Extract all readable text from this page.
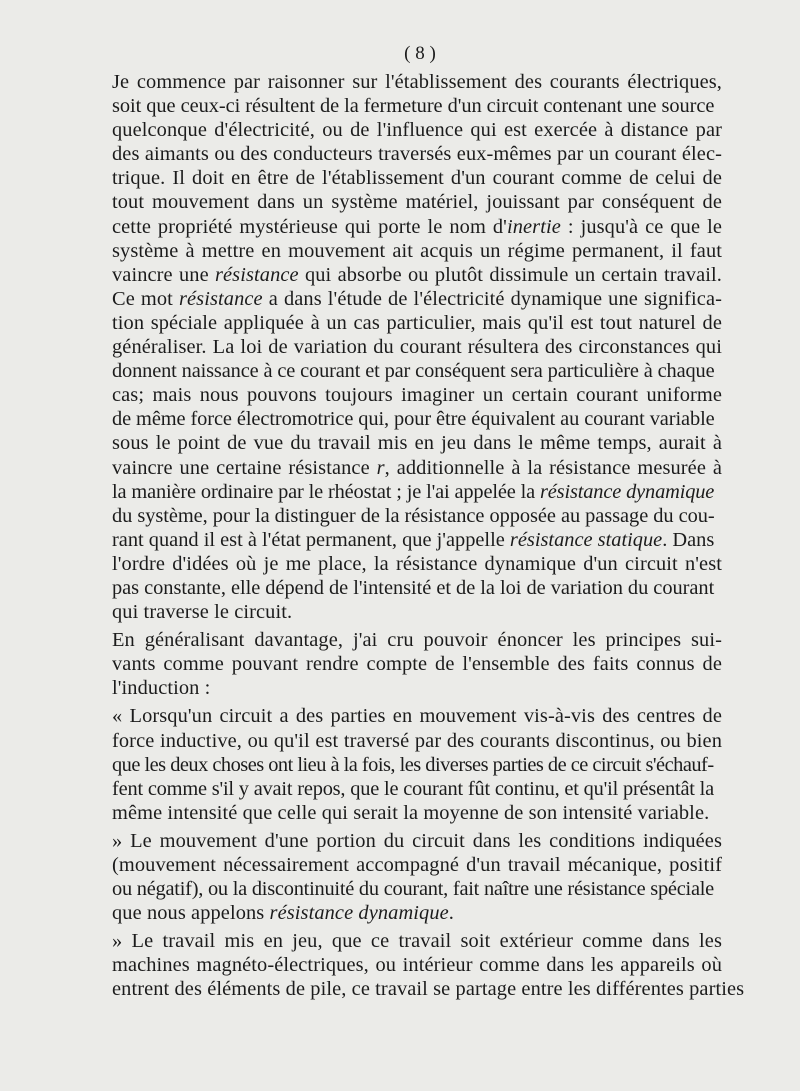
( 8 )
Je commence par raisonner sur l'établissement des courants électriques,
soit que ceux-ci résultent de la fermeture d'un circuit contenant une source
quelconque d'électricité, ou de l'influence qui est exercée à distance par
des aimants ou des conducteurs traversés eux-mêmes par un courant élec-
trique. Il doit en être de l'établissement d'un courant comme de celui de
tout mouvement dans un système matériel, jouissant par conséquent de
cette propriété mystérieuse qui porte le nom d'inertie : jusqu'à ce que le
système à mettre en mouvement ait acquis un régime permanent, il faut
vaincre une résistance qui absorbe ou plutôt dissimule un certain travail.
Ce mot résistance a dans l'étude de l'électricité dynamique une significa-
tion spéciale appliquée à un cas particulier, mais qu'il est tout naturel de
généraliser. La loi de variation du courant résultera des circonstances qui
donnent naissance à ce courant et par conséquent sera particulière à chaque
cas; mais nous pouvons toujours imaginer un certain courant uniforme
de même force électromotrice qui, pour être équivalent au courant variable
sous le point de vue du travail mis en jeu dans le même temps, aurait à
vaincre une certaine résistance r, additionnelle à la résistance mesurée à
la manière ordinaire par le rhéostat ; je l'ai appelée la résistance dynamique
du système, pour la distinguer de la résistance opposée au passage du cou-
rant quand il est à l'état permanent, que j'appelle résistance statique. Dans
l'ordre d'idées où je me place, la résistance dynamique d'un circuit n'est
pas constante, elle dépend de l'intensité et de la loi de variation du courant
qui traverse le circuit.
En généralisant davantage, j'ai cru pouvoir énoncer les principes sui-
vants comme pouvant rendre compte de l'ensemble des faits connus de
l'induction :
« Lorsqu'un circuit a des parties en mouvement vis-à-vis des centres de
force inductive, ou qu'il est traversé par des courants discontinus, ou bien
que les deux choses ont lieu à la fois, les diverses parties de ce circuit s'échauf-
fent comme s'il y avait repos, que le courant fût continu, et qu'il présentât la
même intensité que celle qui serait la moyenne de son intensité variable.
» Le mouvement d'une portion du circuit dans les conditions indiquées
(mouvement nécessairement accompagné d'un travail mécanique, positif
ou négatif), ou la discontinuité du courant, fait naître une résistance spéciale
que nous appelons résistance dynamique.
» Le travail mis en jeu, que ce travail soit extérieur comme dans les
machines magnéto-électriques, ou intérieur comme dans les appareils où
entrent des éléments de pile, ce travail se partage entre les différentes parties
